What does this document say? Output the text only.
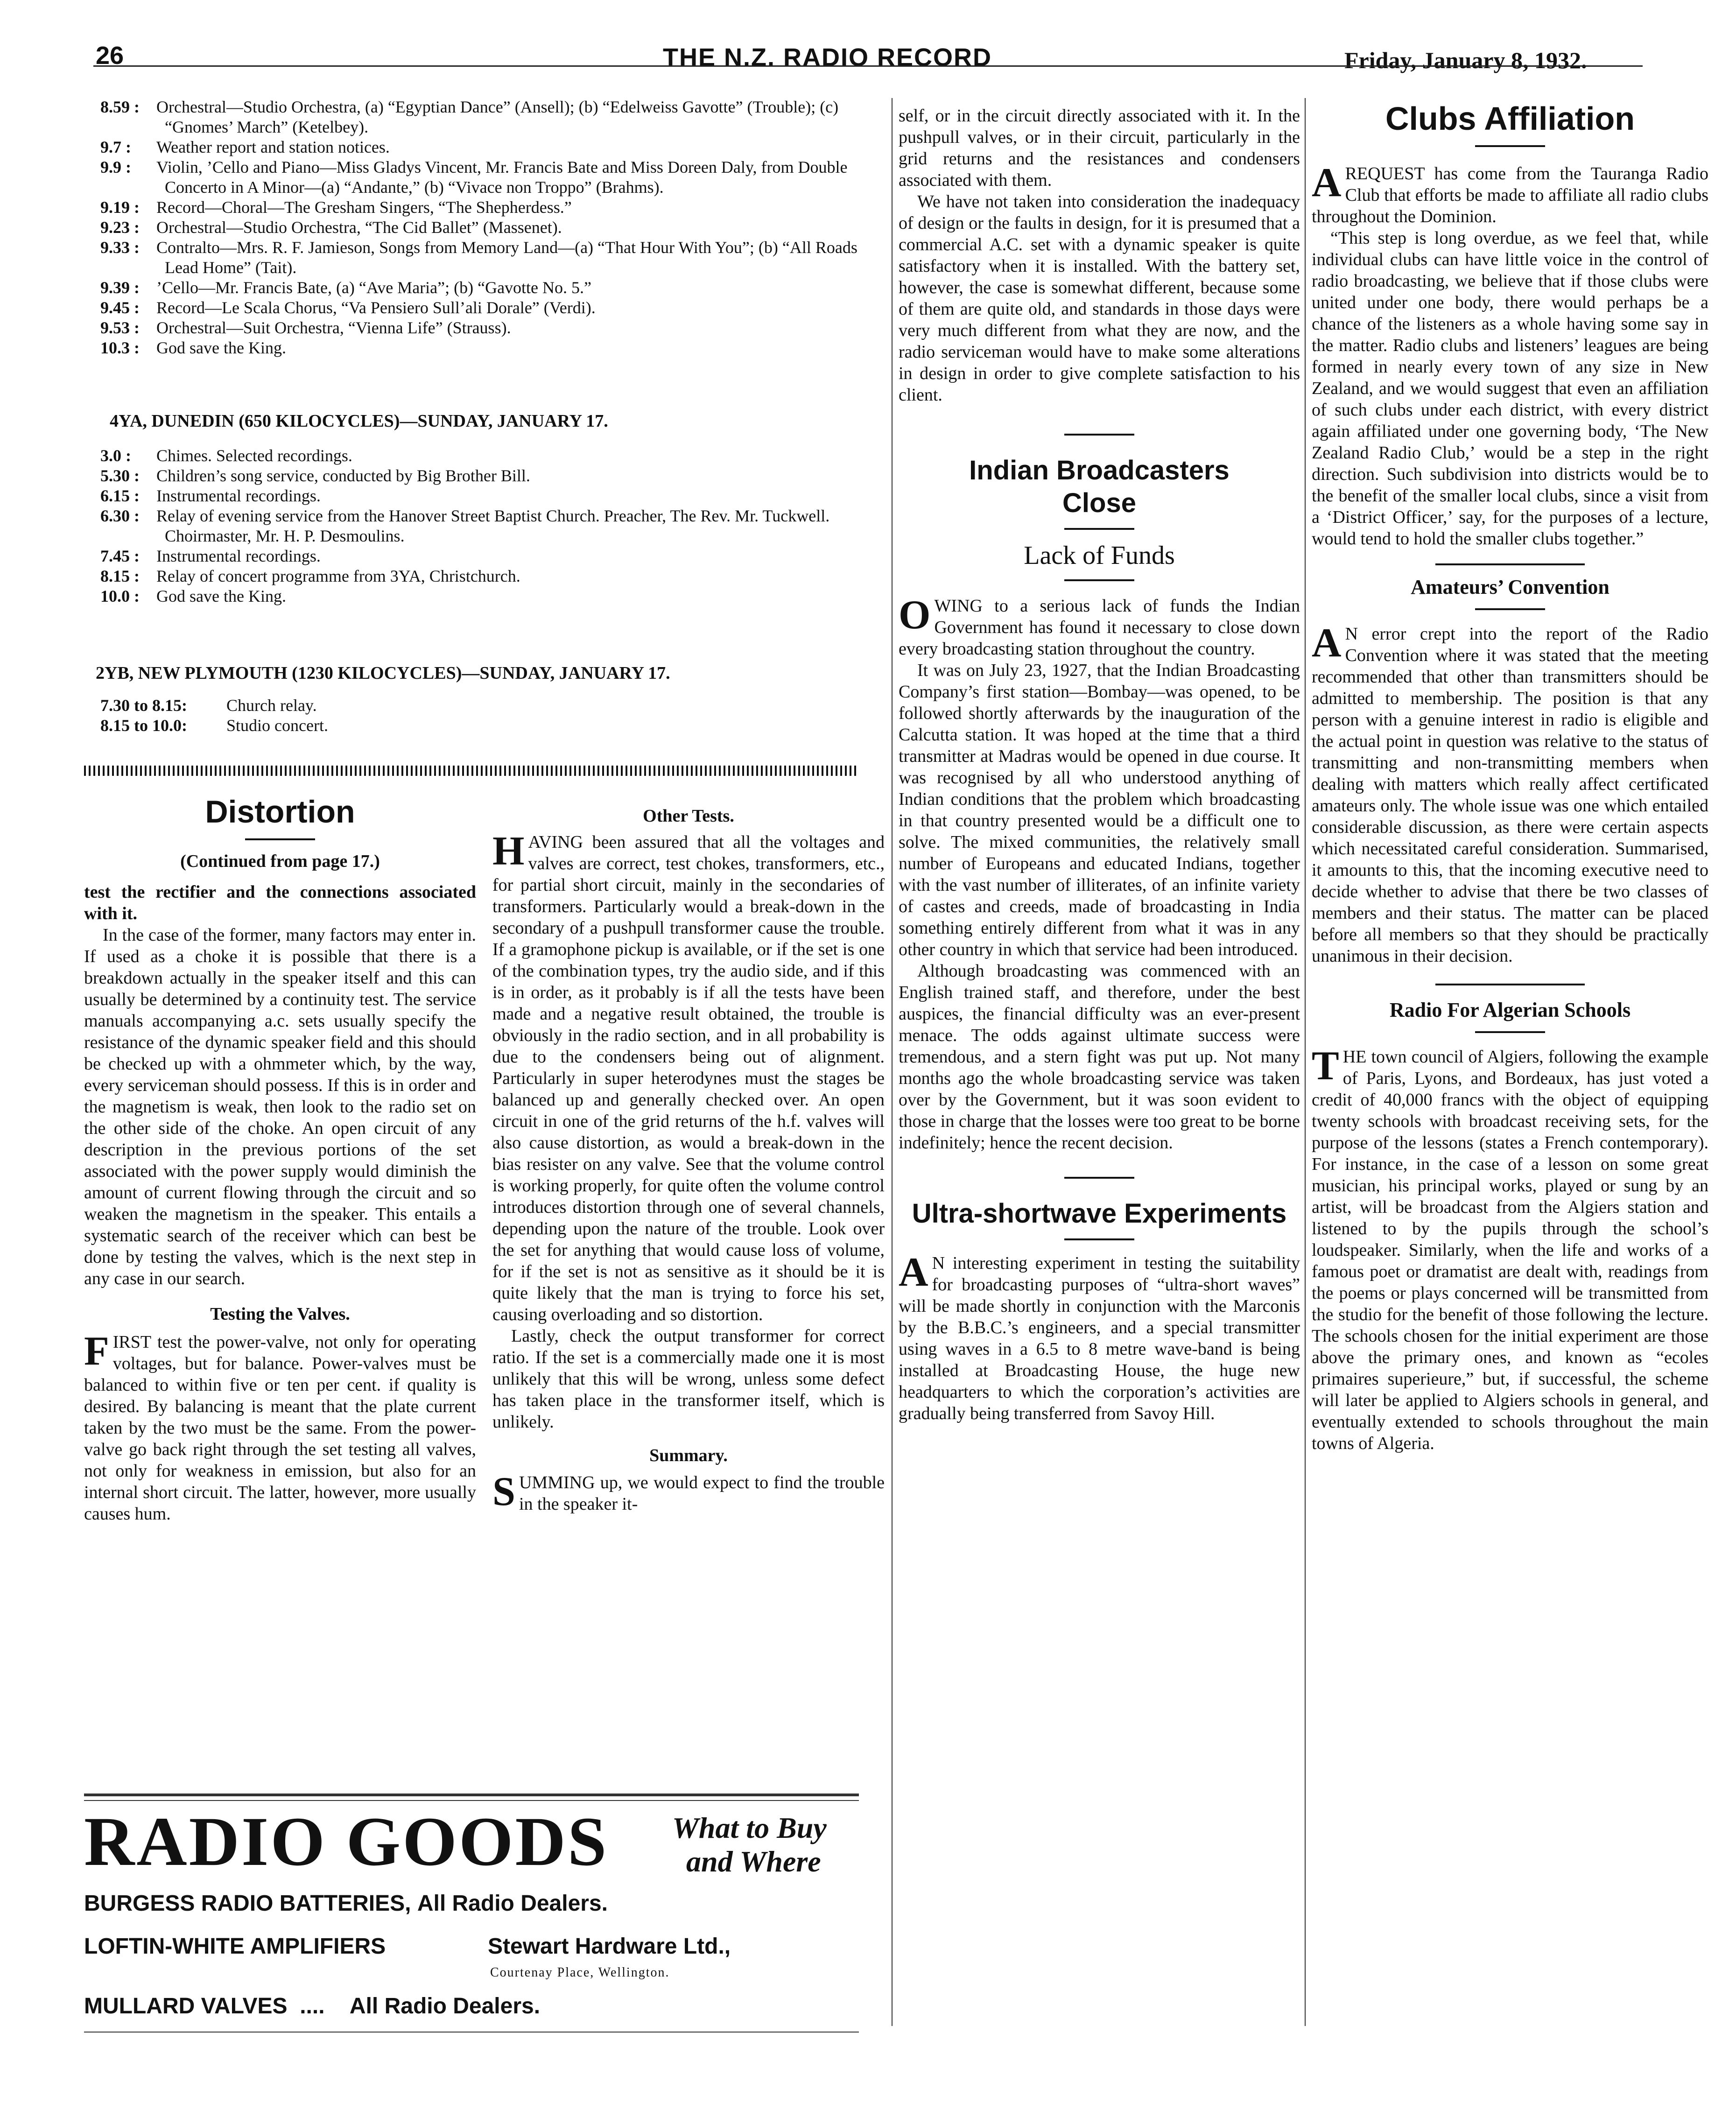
26	THE N.Z. RADIO RECORD	Friday, January 8, 1932.
8.59 :	Orchestral—Studio Orchestra, (a) “Egyptian Dance” (Ansell); (b) “Edelweiss Gavotte” (Trouble); (c) “Gnomes’ March” (Ketelbey).
9.7 :	Weather report and station notices.
9.9 :	Violin, ’Cello and Piano—Miss Gladys Vincent, Mr. Francis Bate and Miss Doreen Daly, from Double Concerto in A Minor—(a) “Andante,” (b) “Vivace non Troppo” (Brahms).
9.19 :	Record—Choral—The Gresham Singers, “The Shepherdess.”
9.23 :	Orchestral—Studio Orchestra, “The Cid Ballet” (Massenet).
9.33 :	Contralto—Mrs. R. F. Jamieson, Songs from Memory Land—(a) “That Hour With You”; (b) “All Roads Lead Home” (Tait).
9.39 :	’Cello—Mr. Francis Bate, (a) “Ave Maria”; (b) “Gavotte No. 5.”
9.45 :	Record—Le Scala Chorus, “Va Pensiero Sull’ali Dorale” (Verdi).
9.53 :	Orchestral—Suit Orchestra, “Vienna Life” (Strauss).
10.3 :	God save the King.
4YA, DUNEDIN (650 KILOCYCLES)—SUNDAY, JANUARY 17.
3.0 :	Chimes. Selected recordings.
5.30 :	Children’s song service, conducted by Big Brother Bill.
6.15 :	Instrumental recordings.
6.30 :	Relay of evening service from the Hanover Street Baptist Church. Preacher, The Rev. Mr. Tuckwell. Choirmaster, Mr. H. P. Desmoulins.
7.45 :	Instrumental recordings.
8.15 :	Relay of concert programme from 3YA, Christchurch.
10.0 :	God save the King.
2YB, NEW PLYMOUTH (1230 KILOCYCLES)—SUNDAY, JANUARY 17.
7.30 to 8.15:	Church relay.
8.15 to 10.0:	Studio concert.
Distortion
(Continued from page 17.)

test the rectifier and the connections associated with it.

In the case of the former, many factors may enter in. If used as a choke it is possible that there is a breakdown actually in the speaker itself and this can usually be determined by a continuity test. The service manuals accompanying a.c. sets usually specify the resistance of the dynamic speaker field and this should be checked up with a ohmmeter which, by the way, every serviceman should possess. If this is in order and the magnetism is weak, then look to the radio set on the other side of the choke. An open circuit of any description in the previous portions of the set associated with the power supply would diminish the amount of current flowing through the circuit and so weaken the magnetism in the speaker. This entails a systematic search of the receiver which can best be done by testing the valves, which is the next step in any case in our search.

Testing the Valves.

FIRST test the power-valve, not only for operating voltages, but for balance. Power-valves must be balanced to within five or ten per cent. if quality is desired. By balancing is meant that the plate current taken by the two must be the same. From the power-valve go back right through the set testing all valves, not only for weakness in emission, but also for an internal short circuit. The latter, however, more usually causes hum.

Other Tests.

HAVING been assured that all the voltages and valves are correct, test chokes, transformers, etc., for partial short circuit, mainly in the secondaries of transformers. Particularly would a break-down in the secondary of a pushpull transformer cause the trouble. If a gramophone pickup is available, or if the set is one of the combination types, try the audio side, and if this is in order, as it probably is if all the tests have been made and a negative result obtained, the trouble is obviously in the radio section, and in all probability is due to the condensers being out of alignment. Particularly in super heterodynes must the stages be balanced up and generally checked over. An open circuit in one of the grid returns of the h.f. valves will also cause distortion, as would a break-down in the bias resister on any valve. See that the volume control is working properly, for quite often the volume control introduces distortion through one of several channels, depending upon the nature of the trouble. Look over the set for anything that would cause loss of volume, for if the set is not as sensitive as it should be it is quite likely that the man is trying to force his set, causing overloading and so distortion.

Lastly, check the output transformer for correct ratio. If the set is a commercially made one it is most unlikely that this will be wrong, unless some defect has taken place in the transformer itself, which is unlikely.

Summary.

SUMMING up, we would expect to find the trouble in the speaker it-

self, or in the circuit directly associated with it. In the pushpull valves, or in their circuit, particularly in the grid returns and the resistances and condensers associated with them.

We have not taken into consideration the inadequacy of design or the faults in design, for it is presumed that a commercial A.C. set with a dynamic speaker is quite satisfactory when it is installed. With the battery set, however, the case is somewhat different, because some of them are quite old, and standards in those days were very much different from what they are now, and the radio serviceman would have to make some alterations in design in order to give complete satisfaction to his client.

Indian Broadcasters Close
Lack of Funds

OWING to a serious lack of funds the Indian Government has found it necessary to close down every broadcasting station throughout the country.

It was on July 23, 1927, that the Indian Broadcasting Company’s first station—Bombay—was opened, to be followed shortly afterwards by the inauguration of the Calcutta station. It was hoped at the time that a third transmitter at Madras would be opened in due course. It was recognised by all who understood anything of Indian conditions that the problem which broadcasting in that country presented would be a difficult one to solve. The mixed communities, the relatively small number of Europeans and educated Indians, together with the vast number of illiterates, of an infinite variety of castes and creeds, made of broadcasting in India something entirely different from what it was in any other country in which that service had been introduced.

Although broadcasting was commenced with an English trained staff, and therefore, under the best auspices, the financial difficulty was an ever-present menace. The odds against ultimate success were tremendous, and a stern fight was put up. Not many months ago the whole broadcasting service was taken over by the Government, but it was soon evident to those in charge that the losses were too great to be borne indefinitely; hence the recent decision.

Ultra-shortwave Experiments

A N interesting experiment in testing the suitability for broadcasting purposes of “ultra-short waves” will be made shortly in conjunction with the Marconis by the B.B.C.’s engineers, and a special transmitter using waves in a 6.5 to 8 metre wave-band is being installed at Broadcasting House, the huge new headquarters to which the corporation’s activities are gradually being transferred from Savoy Hill.

Clubs Affiliation

AREQUEST has come from the Tauranga Radio Club that efforts be made to affiliate all radio clubs throughout the Dominion.

“This step is long overdue, as we feel that, while individual clubs can have little voice in the control of radio broadcasting, we believe that if those clubs were united under one body, there would perhaps be a chance of the listeners as a whole having some say in the matter. Radio clubs and listeners’ leagues are being formed in nearly every town of any size in New Zealand, and we would suggest that even an affiliation of such clubs under each district, with every district again affiliated under one governing body, ‘The New Zealand Radio Club,’ would be a step in the right direction. Such subdivision into districts would be to the benefit of the smaller local clubs, since a visit from a ‘District Officer,’ say, for the purposes of a lecture, would tend to hold the smaller clubs together.”

Amateurs’ Convention

A N error crept into the report of the Radio Convention where it was stated that the meeting recommended that other than transmitters should be admitted to membership. The position is that any person with a genuine interest in radio is eligible and the actual point in question was relative to the status of transmitting and non-transmitting members when dealing with matters which really affect certificated amateurs only. The whole issue was one which entailed considerable discussion, as there were certain aspects which necessitated careful consideration. Summarised, it amounts to this, that the incoming executive need to decide whether to advise that there be two classes of members and their status. The matter can be placed before all members so that they should be practically unanimous in their decision.

Radio For Algerian Schools

THE town council of Algiers, following the example of Paris, Lyons, and Bordeaux, has just voted a credit of 40,000 francs with the object of equipping twenty schools with broadcast receiving sets, for the purpose of the lessons (states a French contemporary). For instance, in the case of a lesson on some great musician, his principal works, played or sung by an artist, will be broadcast from the Algiers station and listened to by the pupils through the school’s loudspeaker. Similarly, when the life and works of a famous poet or dramatist are dealt with, readings from the poems or plays concerned will be transmitted from the studio for the benefit of those following the lecture. The schools chosen for the initial experiment are those above the primary ones, and known as “ecoles primaires superieure,” but, if successful, the scheme will later be applied to Algiers schools in general, and eventually extended to schools throughout the main towns of Algeria.

RADIO GOODS What to Buy
and Where
BURGESS RADIO BATTERIES, All Radio Dealers.
LOFTIN-WHITE AMPLIFIERS	Stewart Hardware Ltd.,
Courtenay Place, Wellington.
MULLARD VALVES .... All Radio Dealers.
